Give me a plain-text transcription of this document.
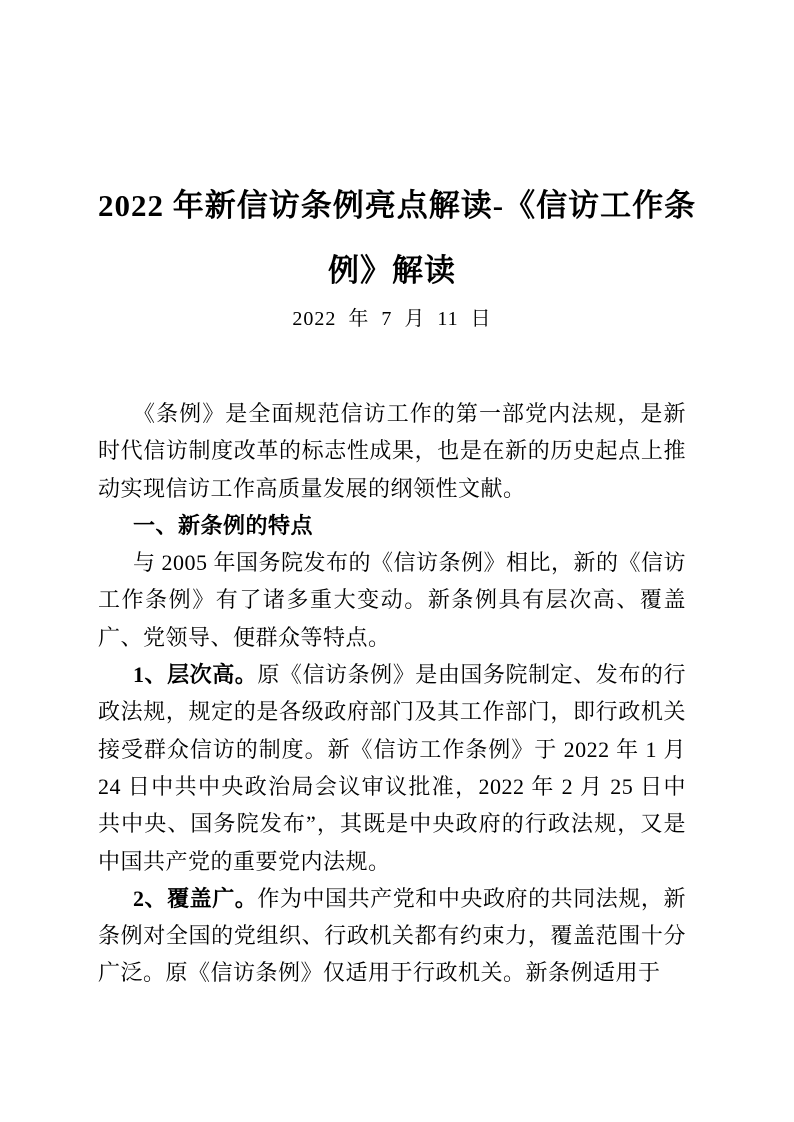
2022 年新信访条例亮点解读-《信访工作条
例》解读
2022 年 7 月 11 日

《条例》是全面规范信访工作的第一部党内法规，是新时代信访制度改革的标志性成果，也是在新的历史起点上推动实现信访工作高质量发展的纲领性文献。

一、新条例的特点

与 2005 年国务院发布的《信访条例》相比，新的《信访工作条例》有了诸多重大变动。新条例具有层次高、覆盖广、党领导、便群众等特点。

1、层次高。原《信访条例》是由国务院制定、发布的行政法规，规定的是各级政府部门及其工作部门，即行政机关接受群众信访的制度。新《信访工作条例》于 2022 年 1 月 24 日中共中央政治局会议审议批准，2022 年 2 月 25 日中共中央、国务院发布”，其既是中央政府的行政法规，又是中国共产党的重要党内法规。

2、覆盖广。作为中国共产党和中央政府的共同法规，新条例对全国的党组织、行政机关都有约束力，覆盖范围十分广泛。原《信访条例》仅适用于行政机关。新条例适用于
